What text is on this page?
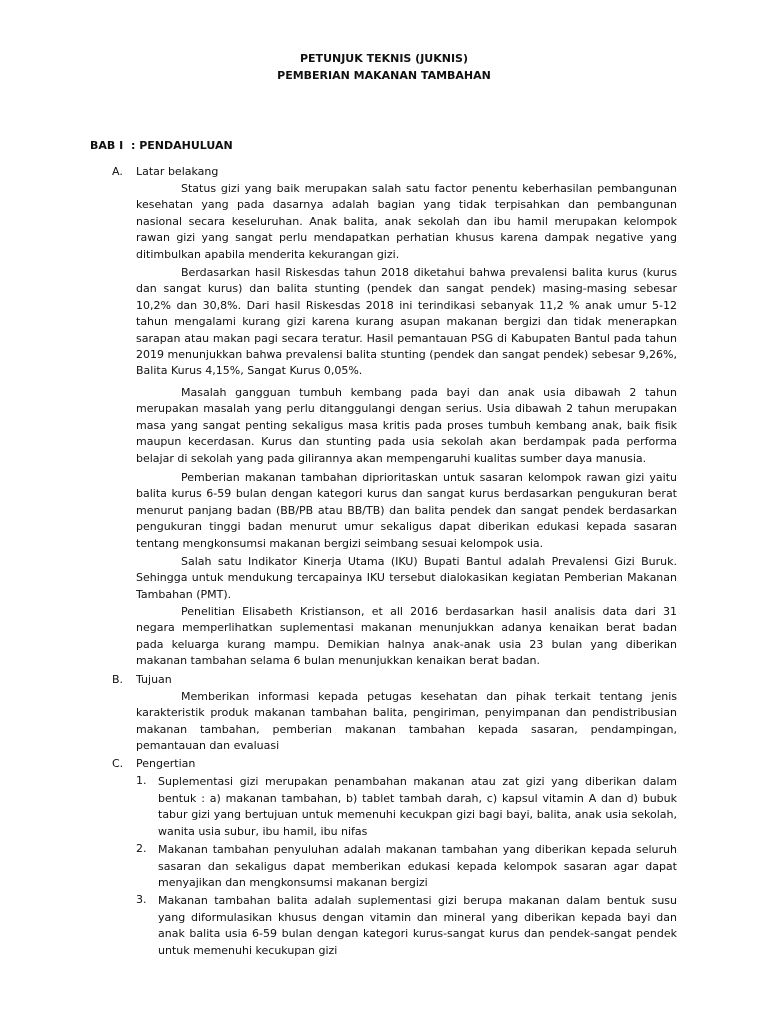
PETUNJUK TEKNIS (JUKNIS)
PEMBERIAN MAKANAN TAMBAHAN
BAB I : PENDAHULUAN
A. Latar belakang

Status gizi yang baik merupakan salah satu factor penentu keberhasilan pembangunan kesehatan yang pada dasarnya adalah bagian yang tidak terpisahkan dan pembangunan nasional secara keseluruhan. Anak balita, anak sekolah dan ibu hamil merupakan kelompok rawan gizi yang sangat perlu mendapatkan perhatian khusus karena dampak negative yang ditimbulkan apabila menderita kekurangan gizi.

Berdasarkan hasil Riskesdas tahun 2018 diketahui bahwa prevalensi balita kurus (kurus dan sangat kurus) dan balita stunting (pendek dan sangat pendek) masing-masing sebesar 10,2% dan 30,8%. Dari hasil Riskesdas 2018 ini terindikasi sebanyak 11,2 % anak umur 5-12 tahun mengalami kurang gizi karena kurang asupan makanan bergizi dan tidak menerapkan sarapan atau makan pagi secara teratur. Hasil pemantauan PSG di Kabupaten Bantul pada tahun 2019 menunjukkan bahwa prevalensi balita stunting (pendek dan sangat pendek) sebesar 9,26%, Balita Kurus 4,15%, Sangat Kurus 0,05%.

Masalah gangguan tumbuh kembang pada bayi dan anak usia dibawah 2 tahun merupakan masalah yang perlu ditanggulangi dengan serius. Usia dibawah 2 tahun merupakan masa yang sangat penting sekaligus masa kritis pada proses tumbuh kembang anak, baik fisik maupun kecerdasan. Kurus dan stunting pada usia sekolah akan berdampak pada performa belajar di sekolah yang pada gilirannya akan mempengaruhi kualitas sumber daya manusia.

Pemberian makanan tambahan diprioritaskan untuk sasaran kelompok rawan gizi yaitu balita kurus 6-59 bulan dengan kategori kurus dan sangat kurus berdasarkan pengukuran berat menurut panjang badan (BB/PB atau BB/TB) dan balita pendek dan sangat pendek berdasarkan pengukuran tinggi badan menurut umur sekaligus dapat diberikan edukasi kepada sasaran tentang mengkonsumsi makanan bergizi seimbang sesuai kelompok usia.

Salah satu Indikator Kinerja Utama (IKU) Bupati Bantul adalah Prevalensi Gizi Buruk. Sehingga untuk mendukung tercapainya IKU tersebut dialokasikan kegiatan Pemberian Makanan Tambahan (PMT).

Penelitian Elisabeth Kristianson, et all 2016 berdasarkan hasil analisis data dari 31 negara memperlihatkan suplementasi makanan menunjukkan adanya kenaikan berat badan pada keluarga kurang mampu. Demikian halnya anak-anak usia 23 bulan yang diberikan makanan tambahan selama 6 bulan menunjukkan kenaikan berat badan.

B. Tujuan

Memberikan informasi kepada petugas kesehatan dan pihak terkait tentang jenis karakteristik produk makanan tambahan balita, pengiriman, penyimpanan dan pendistribusian makanan tambahan, pemberian makanan tambahan kepada sasaran, pendampingan, pemantauan dan evaluasi

C. Pengertian
1. Suplementasi gizi merupakan penambahan makanan atau zat gizi yang diberikan dalam bentuk : a) makanan tambahan, b) tablet tambah darah, c) kapsul vitamin A dan d) bubuk tabur gizi yang bertujuan untuk memenuhi kecukpan gizi bagi bayi, balita, anak usia sekolah, wanita usia subur, ibu hamil, ibu nifas

2. Makanan tambahan penyuluhan adalah makanan tambahan yang diberikan kepada seluruh sasaran dan sekaligus dapat memberikan edukasi kepada kelompok sasaran agar dapat menyajikan dan mengkonsumsi makanan bergizi

3. Makanan tambahan balita adalah suplementasi gizi berupa makanan dalam bentuk susu yang diformulasikan khusus dengan vitamin dan mineral yang diberikan kepada bayi dan anak balita usia 6-59 bulan dengan kategori kurus-sangat kurus dan pendek-sangat pendek untuk memenuhi kecukupan gizi
